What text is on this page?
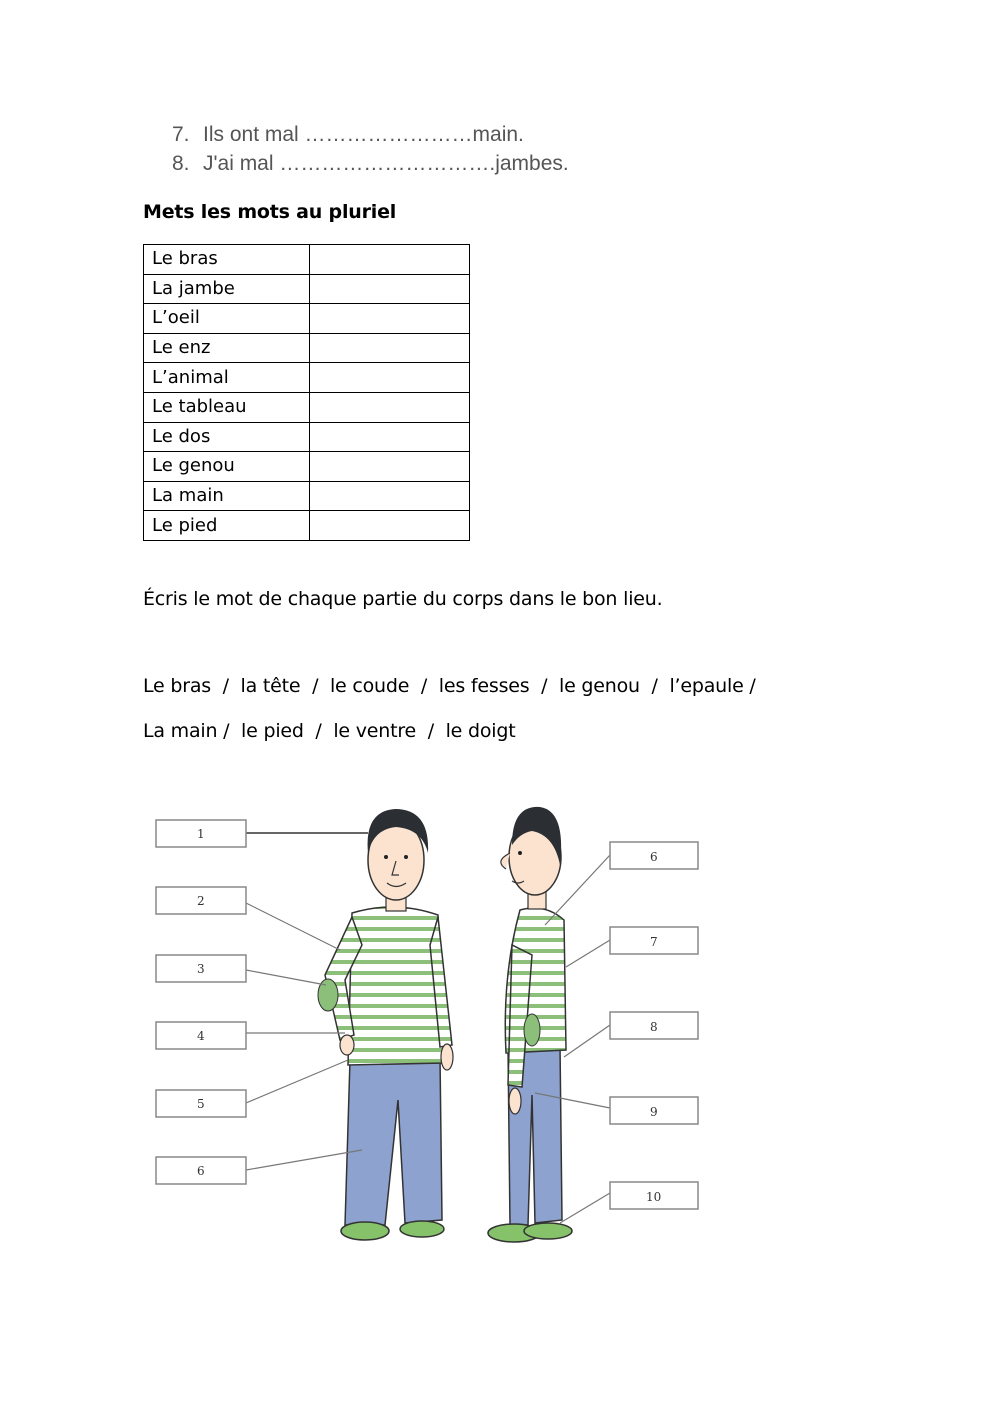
7. Ils ont mal ……………………main.
8. J'ai mal ………………………….jambes.
Mets les mots au pluriel
Le bras	
La jambe	
L’oeil	
Le enz	
L’animal	
Le tableau	
Le dos	
Le genou	
La main	
Le pied	
Écris le mot de chaque partie du corps dans le bon lieu.
Le bras  /  la tête  /  le coude  /  les fesses  /  le genou  /  l’epaule /
La main /  le pied  /  le ventre  /  le doigt
1
2
3
4
5
6
6
7
8
9
10
